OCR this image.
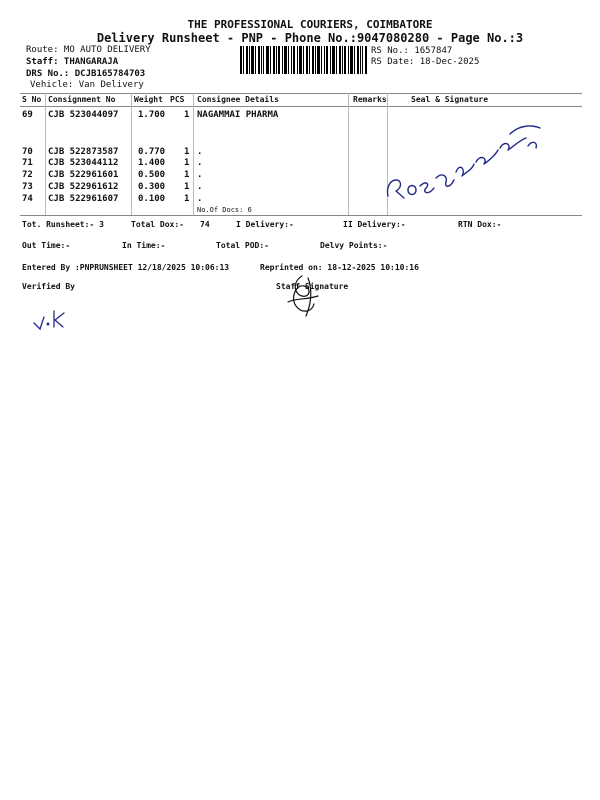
THE PROFESSIONAL COURIERS, COIMBATORE
Delivery Runsheet - PNP - Phone No.:9047080280 - Page No.:3
Route: MO AUTO DELIVERY
Staff: THANGARAJA
DRS No.: DCJB165784703
Vehicle: Van Delivery
RS No.: 1657847
RS Date: 18-Dec-2025
S No Consignment No Weight PCS Consignee Details	Remarks	Seal & Signature
69 CJB 523044097 1.700 1 NAGAMMAI PHARMA
70 CJB 522873587 0.770 1 .
71 CJB 523044112 1.400 1 .
72 CJB 522961601 0.500 1 .
73 CJB 522961612 0.300 1 .
74 CJB 522961607 0.100 1 .
No.Of Docs: 6
Tot. Runsheet:- 3	Total Dox:- 74	I Delivery:-	II Delivery:-	RTN Dox:-
Out Time:-	In Time:-	Total POD:-	Delvy Points:-
Entered By :PNPRUNSHEET 12/18/2025 10:06:13	Reprinted on: 18-12-2025 10:10:16
Verified By	Staff Signature
